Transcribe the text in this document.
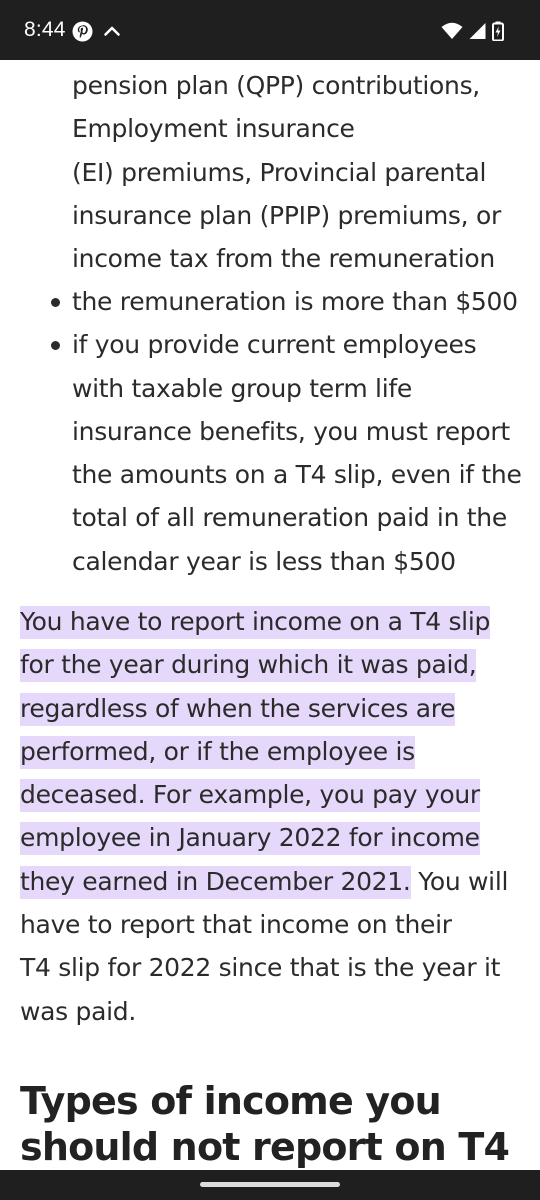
8:44
pension plan (QPP) contributions,
Employment insurance
(EI) premiums, Provincial parental
insurance plan (PPIP) premiums, or
income tax from the remuneration
the remuneration is more than $500
if you provide current employees
with taxable group term life
insurance benefits, you must report
the amounts on a T4 slip, even if the
total of all remuneration paid in the
calendar year is less than $500
You have to report income on a T4 slip
for the year during which it was paid,
regardless of when the services are
performed, or if the employee is
deceased. For example, you pay your
employee in January 2022 for income
they earned in December 2021. You will
have to report that income on their
T4 slip for 2022 since that is the year it
was paid.
Types of income you
should not report on T4
